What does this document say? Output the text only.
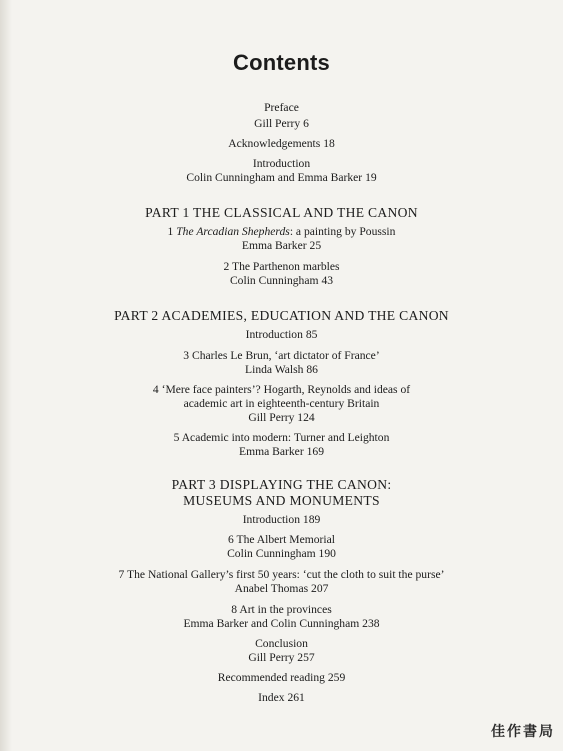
Contents
Preface
Gill Perry 6
Acknowledgements 18
Introduction
Colin Cunningham and Emma Barker 19
PART 1 THE CLASSICAL AND THE CANON
1 The Arcadian Shepherds: a painting by Poussin
Emma Barker 25
2 The Parthenon marbles
Colin Cunningham 43
PART 2 ACADEMIES, EDUCATION AND THE CANON
Introduction 85
3 Charles Le Brun, ‘art dictator of France’
Linda Walsh 86
4 ‘Mere face painters’? Hogarth, Reynolds and ideas of
academic art in eighteenth-century Britain
Gill Perry 124
5 Academic into modern: Turner and Leighton
Emma Barker 169
PART 3 DISPLAYING THE CANON:
MUSEUMS AND MONUMENTS
Introduction 189
6 The Albert Memorial
Colin Cunningham 190
7 The National Gallery’s first 50 years: ‘cut the cloth to suit the purse’
Anabel Thomas 207
8 Art in the provinces
Emma Barker and Colin Cunningham 238
Conclusion
Gill Perry 257
Recommended reading 259
Index 261
佳作書局
